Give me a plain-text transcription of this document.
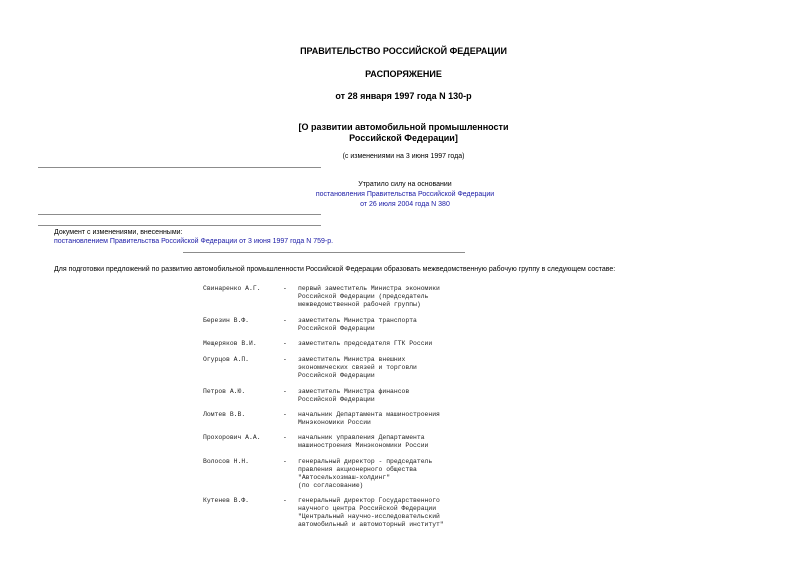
ПРАВИТЕЛЬСТВО РОССИЙСКОЙ ФЕДЕРАЦИИ
РАСПОРЯЖЕНИЕ
от 28 января 1997 года N 130-р
[О развитии автомобильной промышленности
Российской Федерации]
(с изменениями на 3 июня 1997 года)
Утратило силу на основании
постановления Правительства Российской Федерации
от 26 июля 2004 года N 380
Документ с изменениями, внесенными:
постановлением Правительства Российской Федерации от 3 июня 1997 года N 759-р.
Для подготовки предложений по развитию автомобильной промышленности Российской Федерации образовать межведомственную рабочую группу в следующем составе:
Свинаренко А.Г.	- первый заместитель Министра экономики
Российской Федерации (председатель
межведомственной рабочей группы)
Березин В.Ф.	- заместитель Министра транспорта
Российской Федерации
Мещеряков В.И.	- заместитель председателя ГТК России
Огурцов А.П.	- заместитель Министра внешних
экономических связей и торговли
Российской Федерации
Петров А.Ю.	- заместитель Министра финансов
Российской Федерации
Ломтев В.В.	- начальник Департамента машиностроения
Минэкономики России
Прохорович А.А.	- начальник управления Департамента
машиностроения Минэкономики России
Волосов Н.Н.	- генеральный директор - председатель
правления акционерного общества
"Автосельхозмаш-холдинг"
(по согласованию)
Кутенев В.Ф.	- генеральный директор Государственного
научного центра Российской Федерации
"Центральный научно-исследовательский
автомобильный и автомоторный институт"
